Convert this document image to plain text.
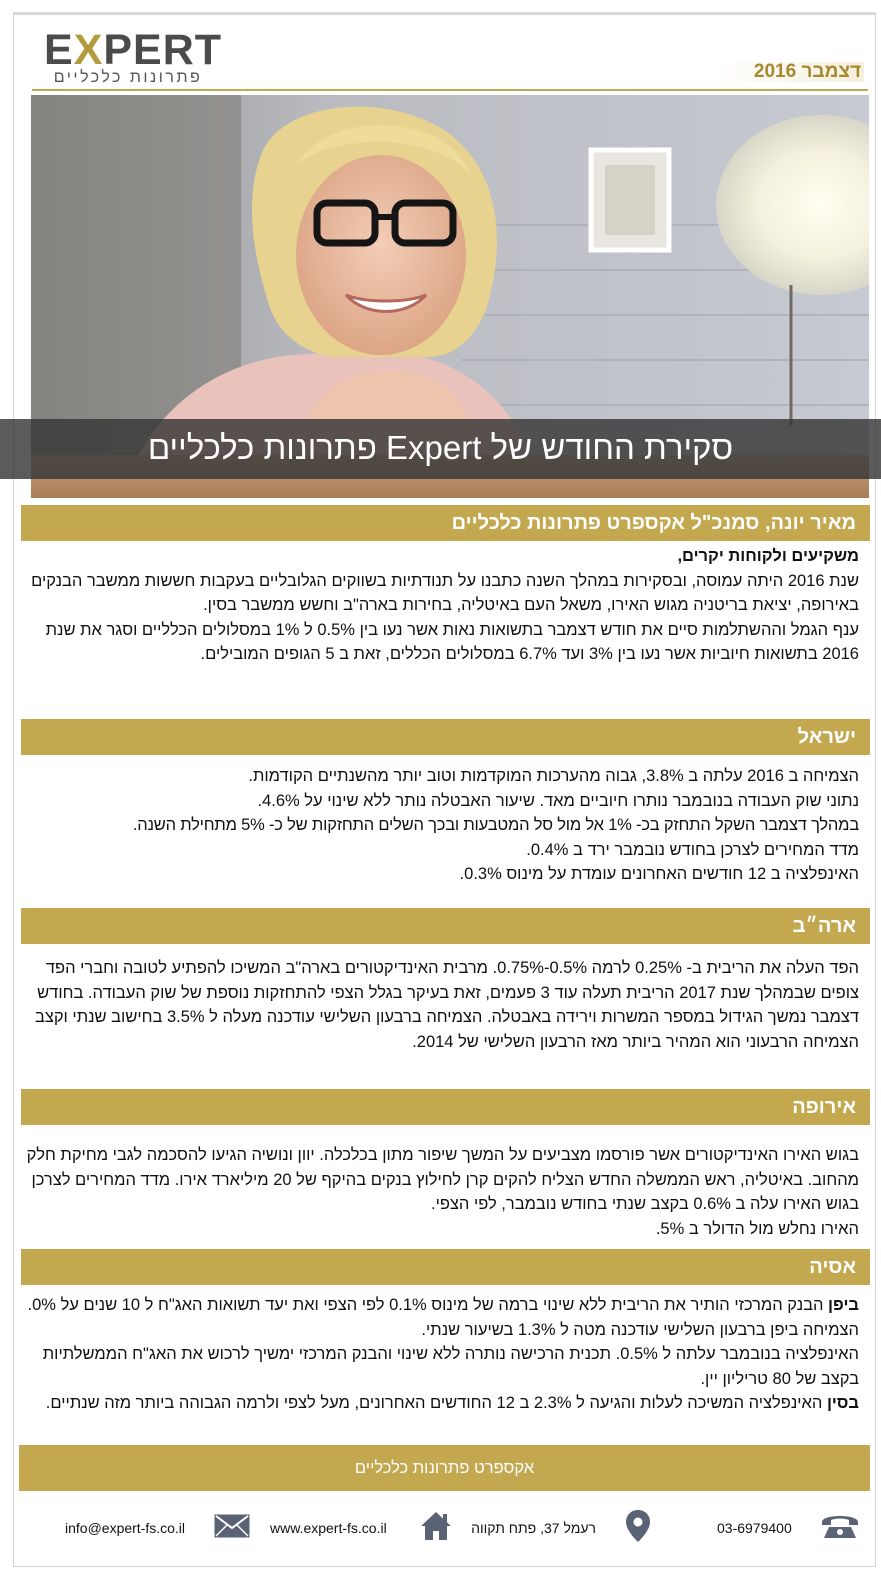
EXPERT
פתרונות כלכליים	דצמבר 2016
סקירת החודש של Expert פתרונות כלכליים
מאיר יונה, סמנכ"ל אקספרט פתרונות כלכליים

משקיעים ולקוחות יקרים,

שנת 2016 היתה עמוסה, ובסקירות במהלך השנה כתבנו על תנודתיות בשווקים הגלובליים בעקבות חששות ממשבר הבנקים באירופה, יציאת בריטניה מגוש האירו, משאל העם באיטליה, בחירות בארה"ב וחשש ממשבר בסין.

ענף הגמל וההשתלמות סיים את חודש דצמבר בתשואות נאות אשר נעו בין 0.5% ל 1% במסלולים הכלליים וסגר את שנת 2016 בתשואות חיוביות אשר נעו בין 3% ועד 6.7% במסלולים הכללים, זאת ב 5 הגופים המובילים.

ישראל

הצמיחה ב 2016 עלתה ב 3.8%, גבוה מהערכות המוקדמות וטוב יותר מהשנתיים הקודמות.

נתוני שוק העבודה בנובמבר נותרו חיוביים מאד. שיעור האבטלה נותר ללא שינוי על 4.6%.

במהלך דצמבר השקל התחזק בכ- 1% אל מול סל המטבעות ובכך השלים התחזקות של כ- 5% מתחילת השנה.

מדד המחירים לצרכן בחודש נובמבר ירד ב 0.4%.

האינפלציה ב 12 חודשים האחרונים עומדת על מינוס 0.3%.

ארה״ב

הפד העלה את הריבית ב- 0.25% לרמה 0.5%-0.75%. מרבית האינדיקטורים בארה"ב המשיכו להפתיע לטובה וחברי הפד צופים שבמהלך שנת 2017 הריבית תעלה עוד 3 פעמים, זאת בעיקר בגלל הצפי להתחזקות נוספת של שוק העבודה. בחודש דצמבר נמשך הגידול במספר המשרות וירידה באבטלה. הצמיחה ברבעון השלישי עודכנה מעלה ל 3.5% בחישוב שנתי וקצב הצמיחה הרבעוני הוא המהיר ביותר מאז הרבעון השלישי של 2014.

אירופה

בגוש האירו האינדיקטורים אשר פורסמו מצביעים על המשך שיפור מתון בכלכלה. יוון ונושיה הגיעו להסכמה לגבי מחיקת חלק מהחוב. באיטליה, ראש הממשלה החדש הצליח להקים קרן לחילוץ בנקים בהיקף של 20 מיליארד אירו. מדד המחירים לצרכן בגוש האירו עלה ב 0.6% בקצב שנתי בחודש נובמבר, לפי הצפי.

האירו נחלש מול הדולר ב 5%.

אסיה

ביפן הבנק המרכזי הותיר את הריבית ללא שינוי ברמה של מינוס 0.1% לפי הצפי ואת יעד תשואות האג"ח ל 10 שנים על 0%. הצמיחה ביפן ברבעון השלישי עודכנה מטה ל 1.3% בשיעור שנתי.

האינפלציה בנובמבר עלתה ל 0.5%. תכנית הרכישה נותרה ללא שינוי והבנק המרכזי ימשיך לרכוש את האג"ח הממשלתיות בקצב של 80 טריליון יין.

בסין האינפלציה המשיכה לעלות והגיעה ל 2.3% ב 12 החודשים האחרונים, מעל לצפי ולרמה הגבוהה ביותר מזה שנתיים.

אקספרט פתרונות כלכליים
info@expert-fs.co.il	www.expert-fs.co.il	רעמל 37, פתח תקווה	03-6979400
